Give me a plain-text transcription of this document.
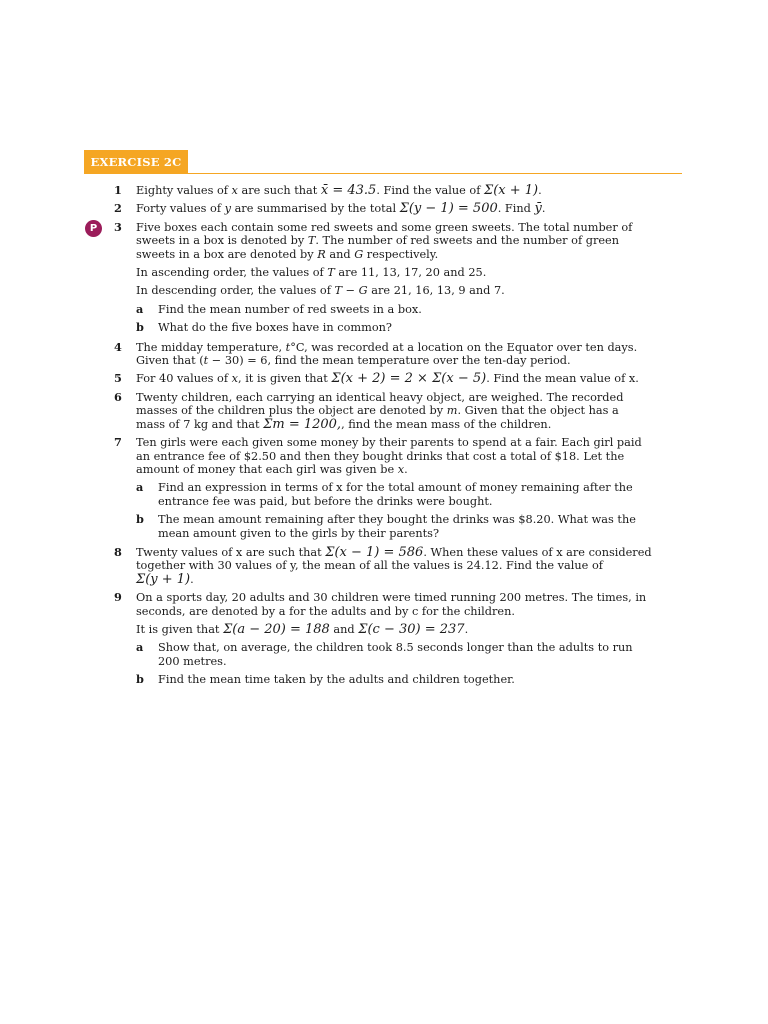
EXERCISE 2C
1 Eighty values of x are such that x̄ = 43.5. Find the value of Σ(x + 1).
2 Forty values of y are summarised by the total Σ(y − 1) = 500. Find ȳ.
P	3 Five boxes each contain some red sweets and some green sweets. The total number of
sweets in a box is denoted by T. The number of red sweets and the number of green
sweets in a box are denoted by R and G respectively.
In ascending order, the values of T are 11, 13, 17, 20 and 25.
In descending order, the values of T − G are 21, 16, 13, 9 and 7.
a Find the mean number of red sweets in a box.
b What do the five boxes have in common?
4 The midday temperature, t°C, was recorded at a location on the Equator over ten days.
Given that (t − 30) = 6, find the mean temperature over the ten-day period.
5 For 40 values of x, it is given that Σ(x + 2) = 2 × Σ(x − 5). Find the mean value of x.
6 Twenty children, each carrying an identical heavy object, are weighed. The recorded
masses of the children plus the object are denoted by m. Given that the object has a
mass of 7 kg and that Σm = 1200,, find the mean mass of the children.
7 Ten girls were each given some money by their parents to spend at a fair. Each girl paid
an entrance fee of $2.50 and then they bought drinks that cost a total of $18. Let the
amount of money that each girl was given be x.
a Find an expression in terms of x for the total amount of money remaining after the
entrance fee was paid, but before the drinks were bought.
b The mean amount remaining after they bought the drinks was $8.20. What was the
mean amount given to the girls by their parents?
8 Twenty values of x are such that Σ(x − 1) = 586. When these values of x are considered
together with 30 values of y, the mean of all the values is 24.12. Find the value of
Σ(y + 1).
9 On a sports day, 20 adults and 30 children were timed running 200 metres. The times, in
seconds, are denoted by a for the adults and by c for the children.
It is given that Σ(a − 20) = 188 and Σ(c − 30) = 237.
a Show that, on average, the children took 8.5 seconds longer than the adults to run
200 metres.
b Find the mean time taken by the adults and children together.
